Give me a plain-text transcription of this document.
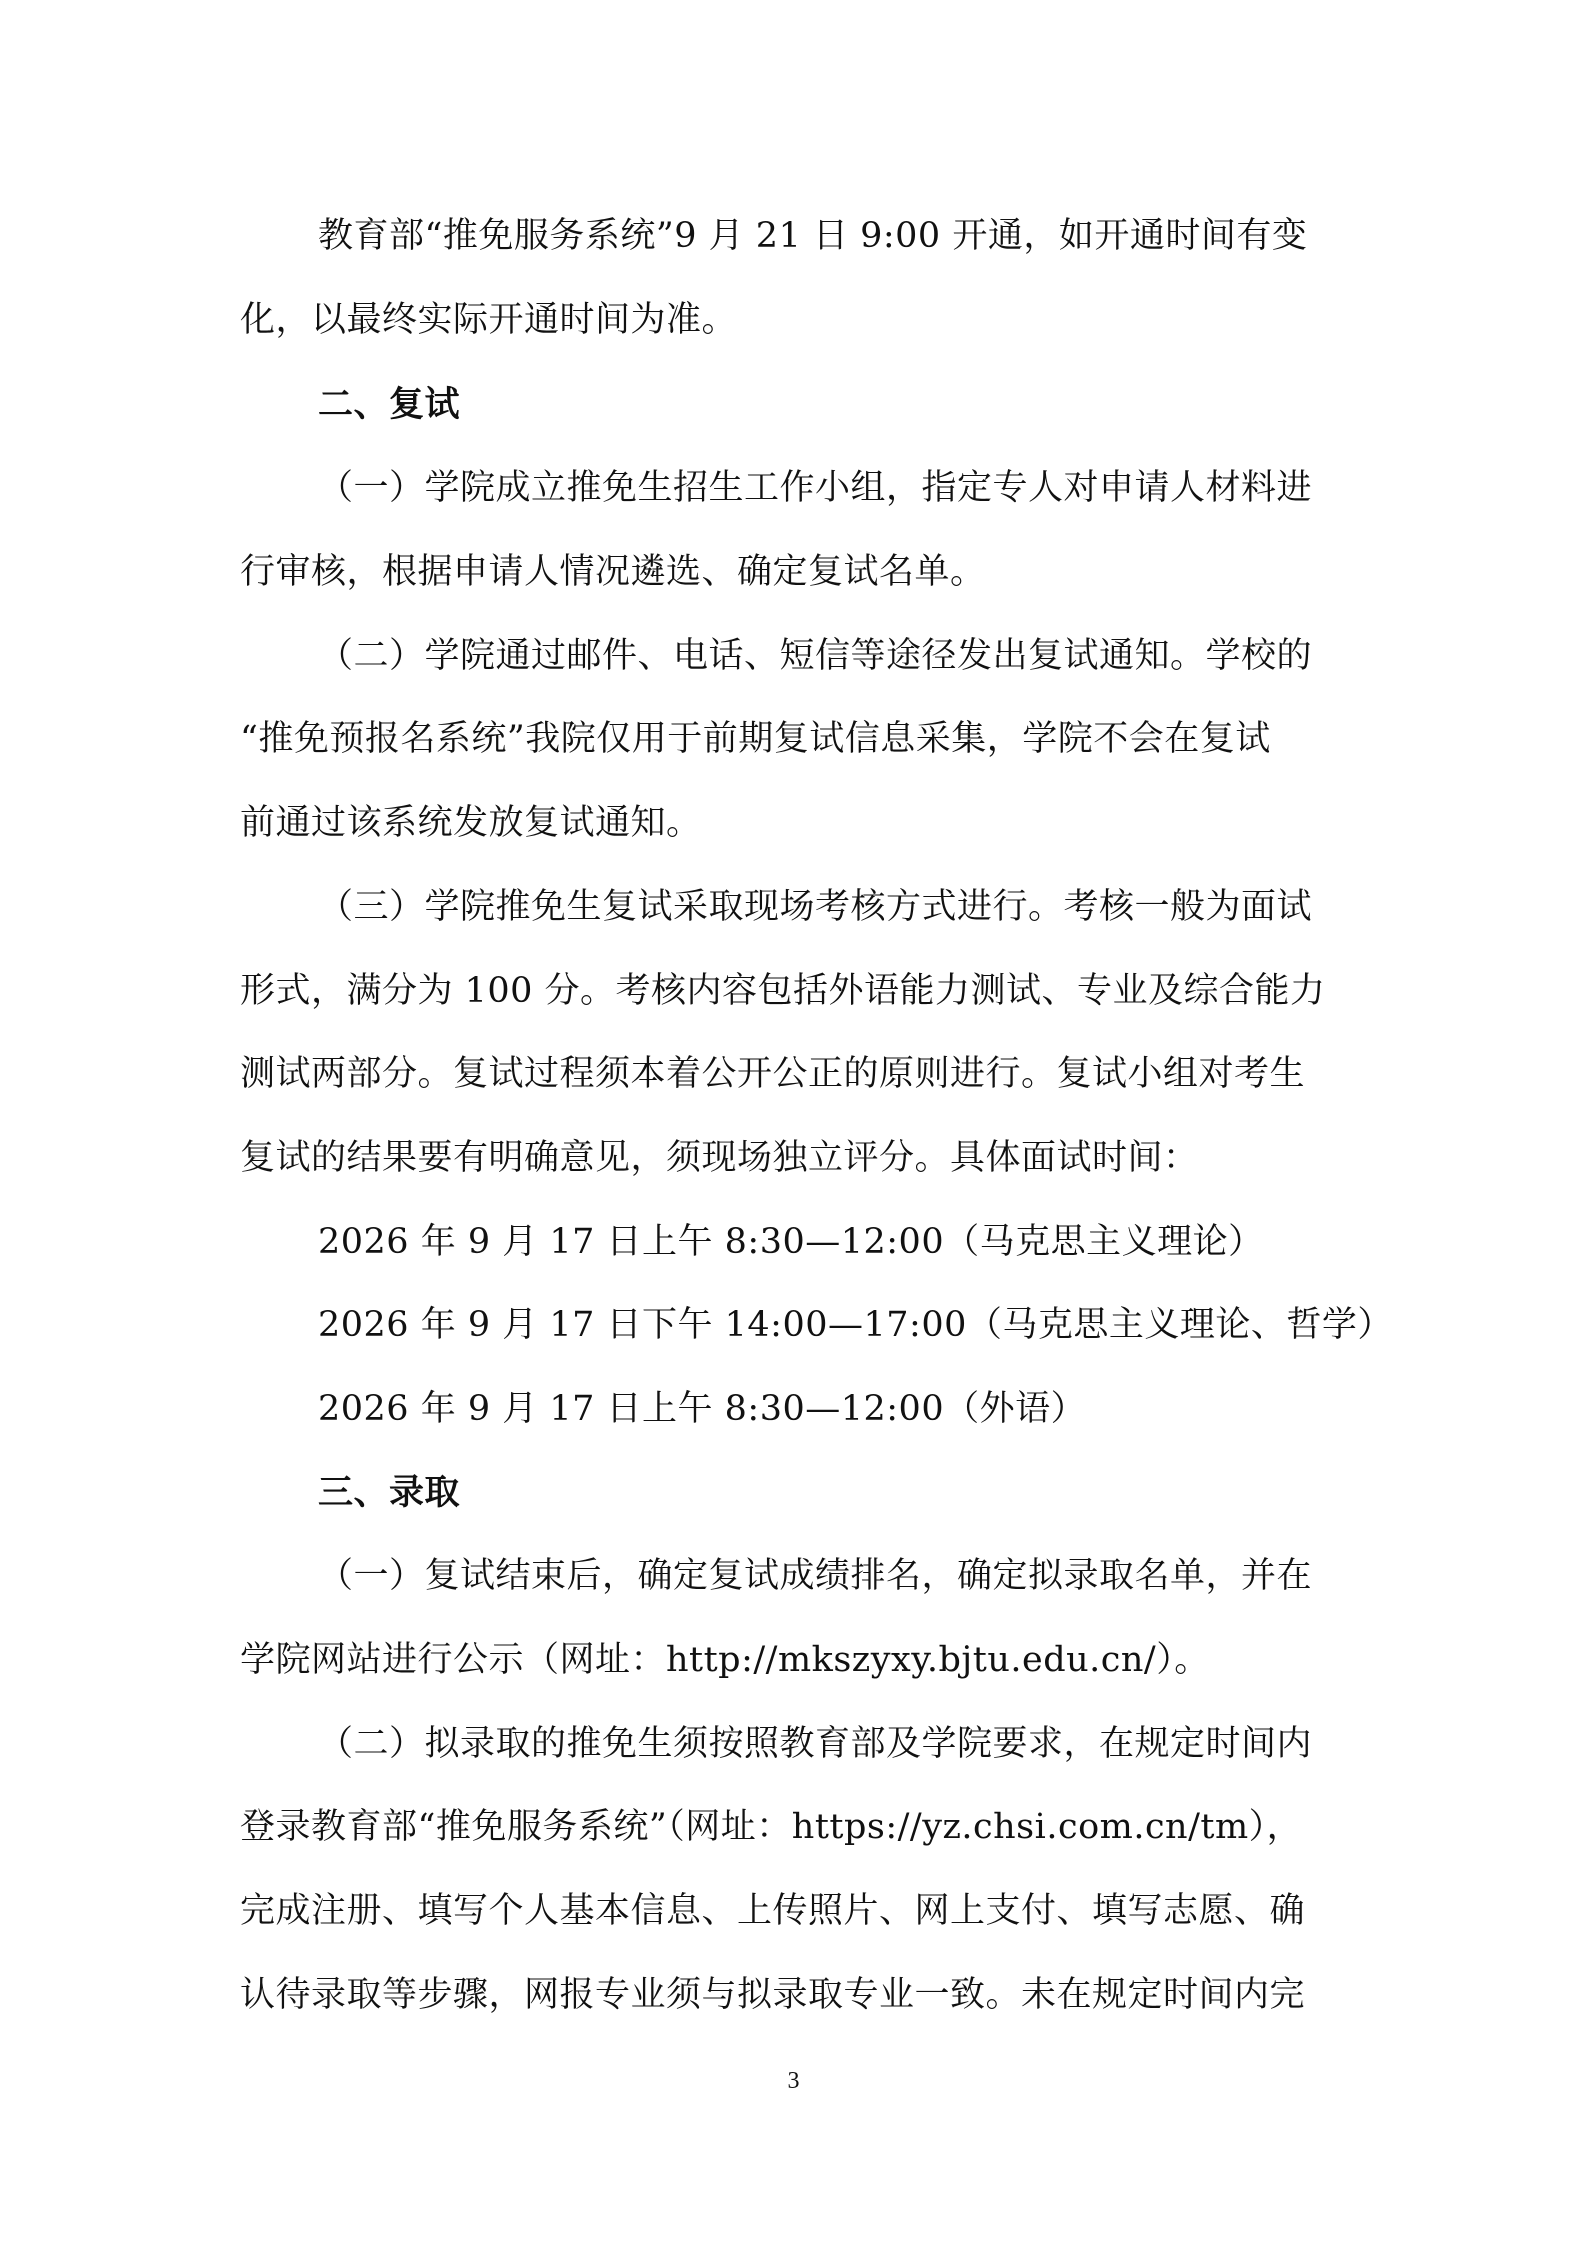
教育部“推免服务系统”9 月 21 日 9:00 开通，如开通时间有变
化，以最终实际开通时间为准。
二、复试
（一）学院成立推免生招生工作小组，指定专人对申请人材料进
行审核，根据申请人情况遴选、确定复试名单。
（二）学院通过邮件、电话、短信等途径发出复试通知。学校的
“推免预报名系统”我院仅用于前期复试信息采集，学院不会在复试
前通过该系统发放复试通知。
（三）学院推免生复试采取现场考核方式进行。考核一般为面试
形式，满分为 100 分。考核内容包括外语能力测试、专业及综合能力
测试两部分。复试过程须本着公开公正的原则进行。复试小组对考生
复试的结果要有明确意见，须现场独立评分。具体面试时间：
2026 年 9 月 17 日上午 8:30—12:00（马克思主义理论）
2026 年 9 月 17 日下午 14:00—17:00（马克思主义理论、哲学）
2026 年 9 月 17 日上午 8:30—12:00（外语）
三、录取
（一）复试结束后，确定复试成绩排名，确定拟录取名单，并在
学院网站进行公示（网址：http://mkszyxy.bjtu.edu.cn/）。
（二）拟录取的推免生须按照教育部及学院要求，在规定时间内
登录教育部“推免服务系统”（网址：https://yz.chsi.com.cn/tm），
完成注册、填写个人基本信息、上传照片、网上支付、填写志愿、确
认待录取等步骤，网报专业须与拟录取专业一致。未在规定时间内完
3
